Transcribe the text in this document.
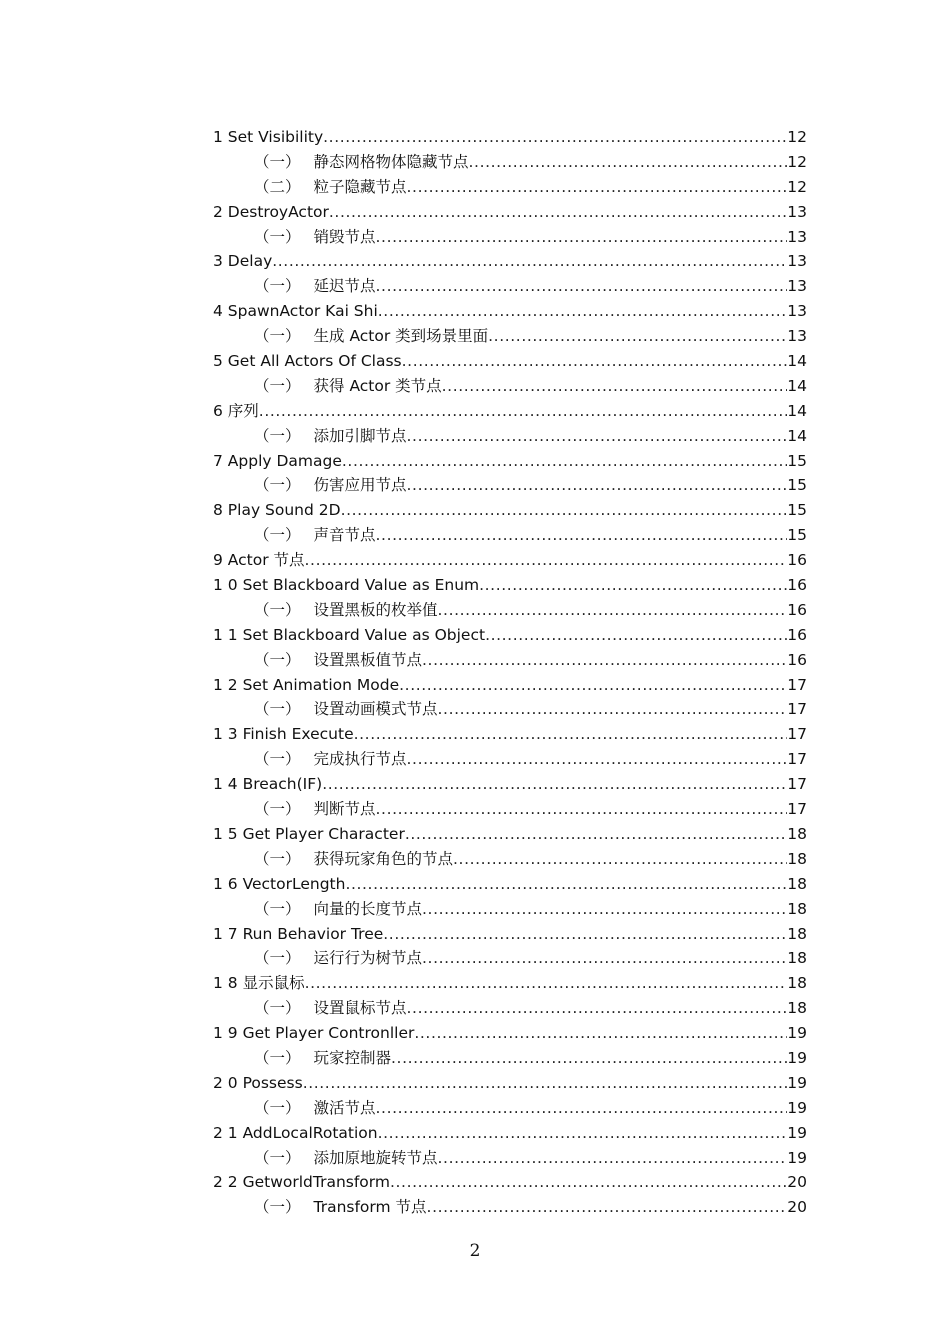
1 Set Visibility .....	12
（一） 静态网格物体隐藏节点 .....	12
（二） 粒子隐藏节点 .....	12
2 DestroyActor .....	13
（一） 销毁节点 .....	13
3 Delay .....	13
（一） 延迟节点 .....	13
4 SpawnActor Kai Shi .....	13
（一） 生成 Actor 类到场景里面 .....	13
5 Get All Actors Of Class .....	14
（一） 获得 Actor 类节点 .....	14
6 序列 .....	14
（一） 添加引脚节点 .....	14
7 Apply Damage .....	15
（一） 伤害应用节点 .....	15
8 Play Sound 2D .....	15
（一） 声音节点 .....	15
9 Actor 节点 .....	16
1 0 Set Blackboard Value as Enum .....	16
（一） 设置黑板的枚举值 .....	16
1 1 Set Blackboard Value as Object .....	16
（一） 设置黑板值节点 .....	16
1 2 Set Animation Mode .....	17
（一） 设置动画模式节点 .....	17
1 3 Finish Execute .....	17
（一） 完成执行节点 .....	17
1 4 Breach(IF) .....	17
（一） 判断节点 .....	17
1 5 Get Player Character .....	18
（一） 获得玩家角色的节点 .....	18
1 6 VectorLength .....	18
（一） 向量的长度节点 .....	18
1 7 Run Behavior Tree .....	18
（一） 运行行为树节点 .....	18
1 8 显示鼠标 .....	18
（一） 设置鼠标节点 .....	18
1 9 Get Player Contronller .....	19
（一） 玩家控制器 .....	19
2 0 Possess .....	19
（一） 激活节点 .....	19
2 1 AddLocalRotation .....	19
（一） 添加原地旋转节点 .....	19
2 2 GetworldTransform .....	20
（一） Transform 节点 .....	20
2
